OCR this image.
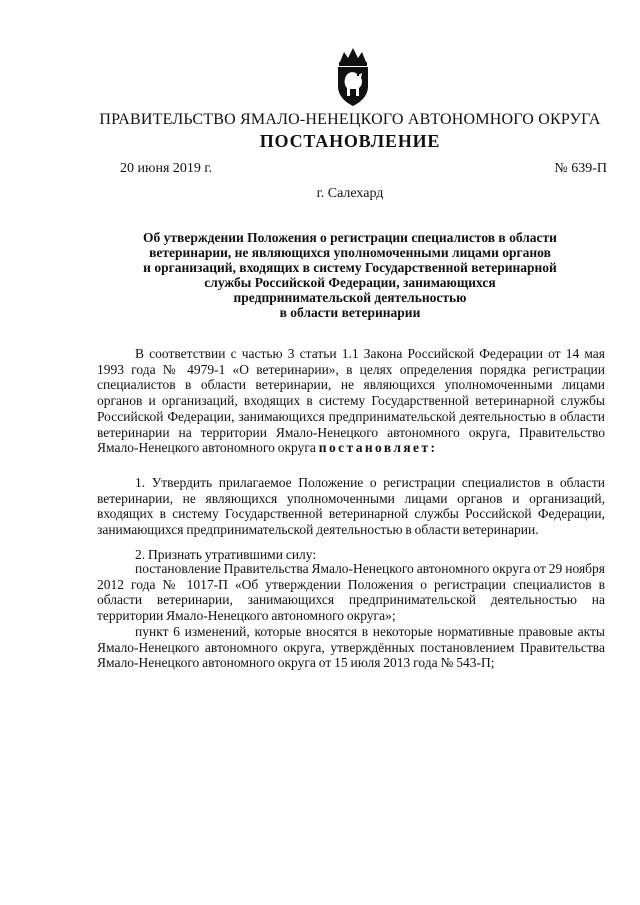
ПРАВИТЕЛЬСТВО ЯМАЛО-НЕНЕЦКОГО АВТОНОМНОГО ОКРУГА
ПОСТАНОВЛЕНИЕ
20 июня 2019 г.	№ 639-П
г. Салехард
Об утверждении Положения о регистрации специалистов в области
ветеринарии, не являющихся уполномоченными лицами органов
и организаций, входящих в систему Государственной ветеринарной
службы Российской Федерации, занимающихся
предпринимательской деятельностью
в области ветеринарии
В соответствии с частью 3 статьи 1.1 Закона Российской Федерации от 14 мая 1993 года № 4979-1 «О ветеринарии», в целях определения порядка регистрации специалистов в области ветеринарии, не являющихся уполномоченными лицами органов и организаций, входящих в систему Государственной ветеринарной службы Российской Федерации, занимающихся предпринимательской деятельностью в области ветеринарии на территории Ямало-Ненецкого автономного округа, Правительство Ямало-Ненецкого автономного округа постановляет:
1. Утвердить прилагаемое Положение о регистрации специалистов в области ветеринарии, не являющихся уполномоченными лицами органов и организаций, входящих в систему Государственной ветеринарной службы Российской Федерации, занимающихся предпринимательской деятельностью в области ветеринарии.
2. Признать утратившими силу:
постановление Правительства Ямало-Ненецкого автономного округа от 29 ноября 2012 года № 1017-П «Об утверждении Положения о регистрации специалистов в области ветеринарии, занимающихся предпринимательской деятельностью на территории Ямало-Ненецкого автономного округа»;
пункт 6 изменений, которые вносятся в некоторые нормативные правовые акты Ямало-Ненецкого автономного округа, утверждённых постановлением Правительства Ямало-Ненецкого автономного округа от 15 июля 2013 года № 543-П;
